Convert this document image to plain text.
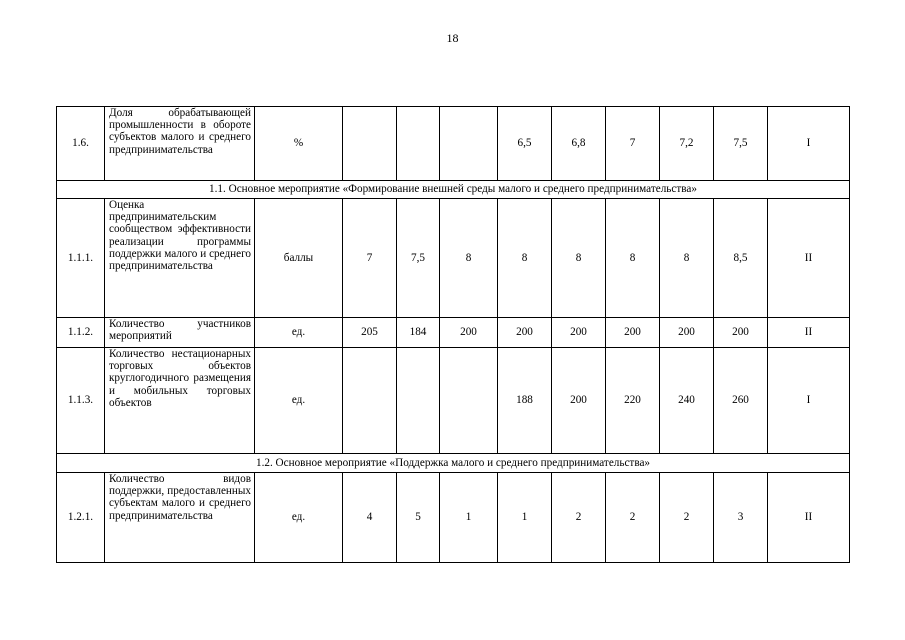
18
1.6.	Доля обрабатывающей промышленности в обороте субъектов малого и среднего предпринимательства	%				6,5	6,8	7	7,2	7,5	I
1.1. Основное мероприятие «Формирование внешней среды малого и среднего предпринимательства»											
1.1.1.	Оценка предпринимательским сообществом эффективности реализации программы поддержки малого и среднего предпринимательства	баллы	7	7,5	8	8	8	8	8	8,5	II
1.1.2.	Количество участников мероприятий	ед.	205	184	200	200	200	200	200	200	II
1.1.3.	Количество нестационарных торговых объектов круглогодичного размещения и мобильных торговых объектов	ед.				188	200	220	240	260	I
1.2. Основное мероприятие «Поддержка малого и среднего предпринимательства»											
1.2.1.	Количество видов поддержки, предоставленных субъектам малого и среднего предпринимательства	ед.	4	5	1	1	2	2	2	3	II
